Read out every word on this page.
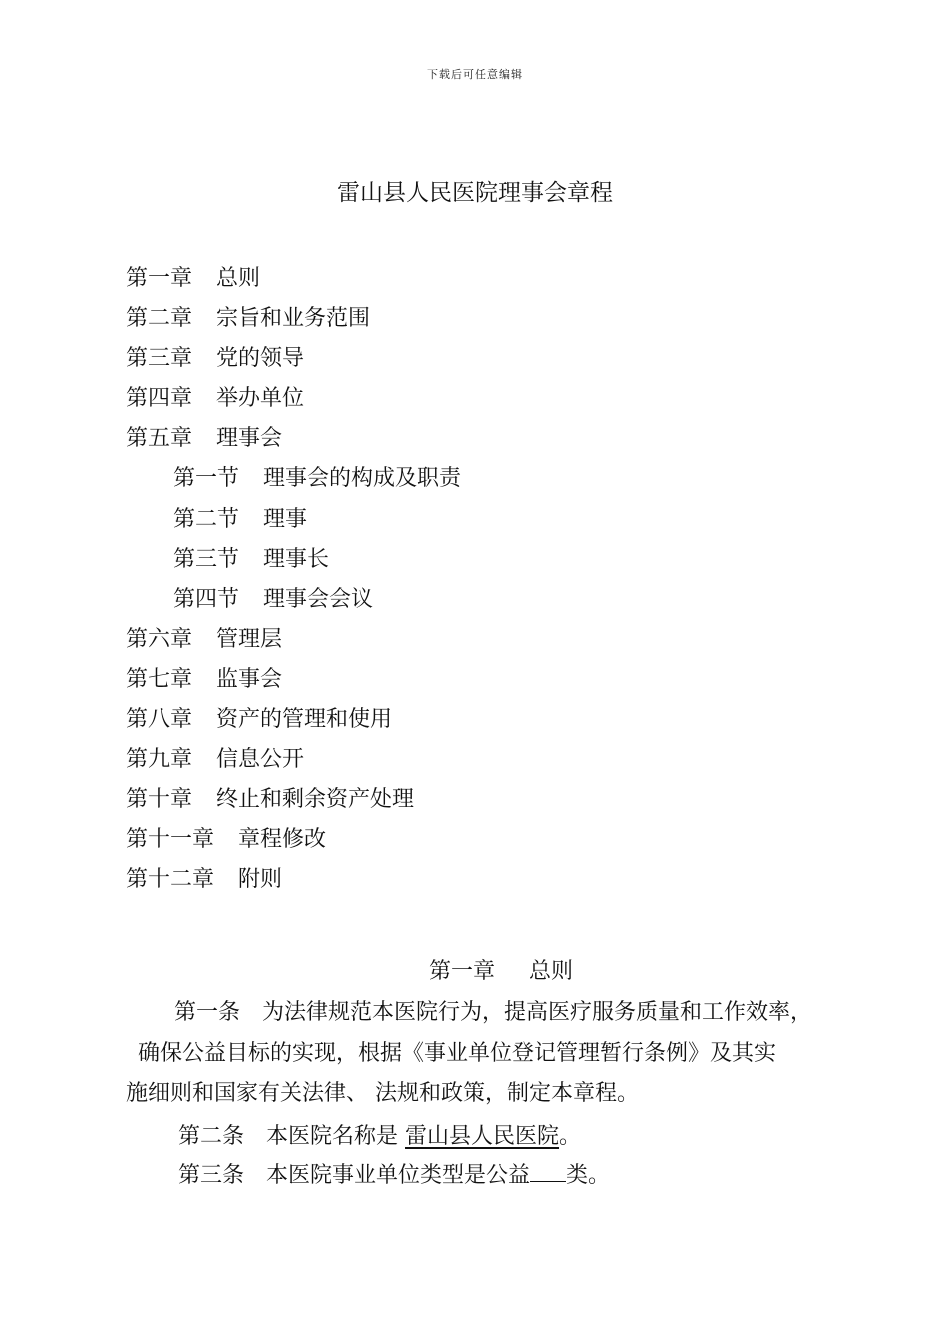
下载后可任意编辑
雷山县人民医院理事会章程
第一章 总则
第二章 宗旨和业务范围
第三章 党的领导
第四章 举办单位
第五章 理事会
第一节 理事会的构成及职责
第二节 理事
第三节 理事长
第四节 理事会会议
第六章 管理层
第七章 监事会
第八章 资产的管理和使用
第九章 信息公开
第十章 终止和剩余资产处理
第十一章 章程修改
第十二章 附则
第一章 总则
第一条 为法律规范本医院行为，提高医疗服务质量和工作效率，
确保公益目标的实现，根据《事业单位登记管理暂行条例》及其实
施细则和国家有关法律、 法规和政策，制定本章程。
第二条 本医院名称是 雷山县人民医院。
第三条 本医院事业单位类型是公益 类。
